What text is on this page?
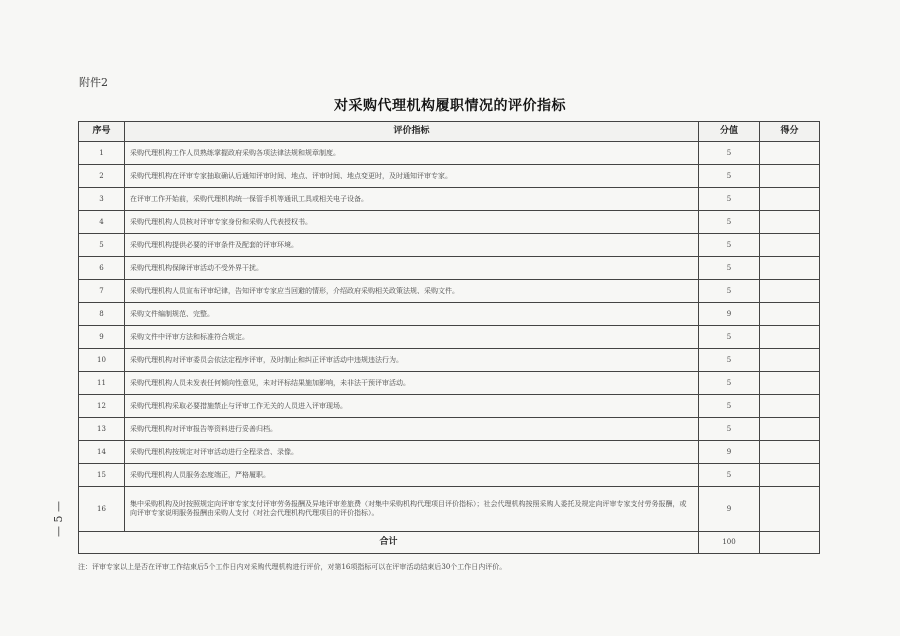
附件2
对采购代理机构履职情况的评价指标
序号	评价指标	分值	得分
1	采购代理机构工作人员熟练掌握政府采购各项法律法规和规章制度。	5	
2	采购代理机构在评审专家抽取确认后通知评审时间、地点、评审时间、地点变更时，及时通知评审专家。	5	
3	在评审工作开始前，采购代理机构统一保管手机等通讯工具或相关电子设备。	5	
4	采购代理机构人员核对评审专家身份和采购人代表授权书。	5	
5	采购代理机构提供必要的评审条件及配套的评审环境。	5	
6	采购代理机构保障评审活动不受外界干扰。	5	
7	采购代理机构人员宣布评审纪律，告知评审专家应当回避的情形，介绍政府采购相关政策法规、采购文件。	5	
8	采购文件编制规范、完整。	9	
9	采购文件中评审方法和标准符合规定。	5	
10	采购代理机构对评审委员会依法定程序评审，及时制止和纠正评审活动中违规违法行为。	5	
11	采购代理机构人员未发表任何倾向性意见，未对评标结果施加影响，未非法干预评审活动。	5	
12	采购代理机构采取必要措施禁止与评审工作无关的人员进入评审现场。	5	
13	采购代理机构对评审报告等资料进行妥善归档。	5	
14	采购代理机构按规定对评审活动进行全程录音、录像。	9	
15	采购代理机构人员服务态度端正，严格履职。	5	
16	集中采购机构及时按照规定向评审专家支付评审劳务报酬及异地评审差旅费（对集中采购机构代理项目评价指标）；社会代理机构按照采购人委托及规定向评审专家支付劳务报酬，或向评审专家说明服务报酬由采购人支付（对社会代理机构代理项目的评价指标）。	9	
合计		100	
注：评审专家以上是否在评审工作结束后5个工作日内对采购代理机构进行评价，对第16项指标可以在评审活动结束后30个工作日内评价。
— 5 —
